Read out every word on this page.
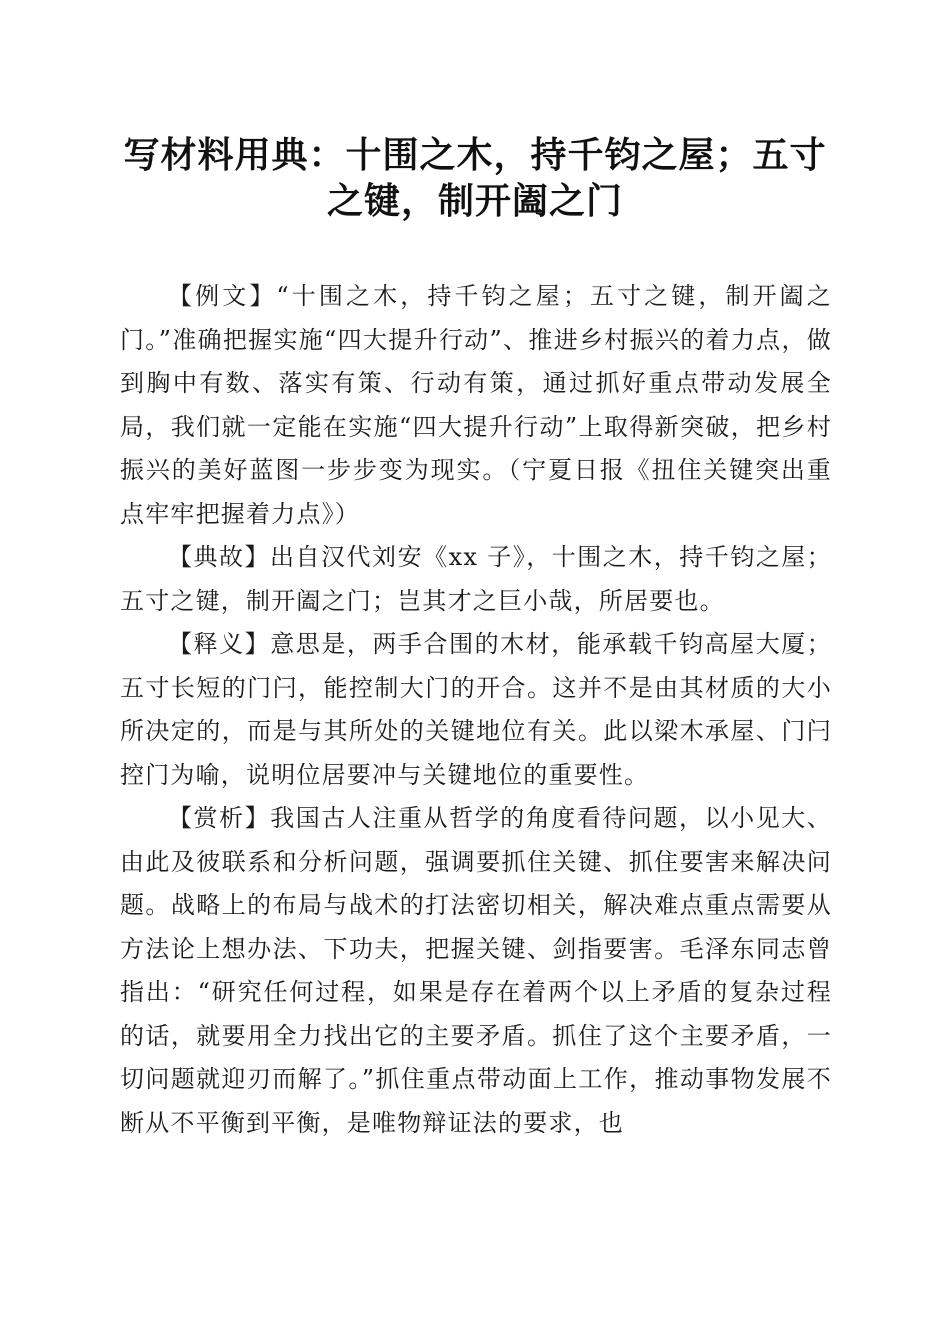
写材料用典：十围之木，持千钧之屋；五寸之键，制开阖之门

【例文】“十围之木，持千钧之屋；五寸之键，制开阖之门。”准确把握实施“四大提升行动”、推进乡村振兴的着力点，做到胸中有数、落实有策、行动有策，通过抓好重点带动发展全局，我们就一定能在实施“四大提升行动”上取得新突破，把乡村振兴的美好蓝图一步步变为现实。（宁夏日报《扭住关键突出重点牢牢把握着力点》）

【典故】出自汉代刘安《xx 子》，十围之木，持千钧之屋；五寸之键，制开阖之门；岂其才之巨小哉，所居要也。

【释义】意思是，两手合围的木材，能承载千钧高屋大厦；五寸长短的门闩，能控制大门的开合。这并不是由其材质的大小所决定的，而是与其所处的关键地位有关。此以梁木承屋、门闩控门为喻，说明位居要冲与关键地位的重要性。

【赏析】我国古人注重从哲学的角度看待问题，以小见大、由此及彼联系和分析问题，强调要抓住关键、抓住要害来解决问题。战略上的布局与战术的打法密切相关，解决难点重点需要从方法论上想办法、下功夫，把握关键、剑指要害。毛泽东同志曾指出：“研究任何过程，如果是存在着两个以上矛盾的复杂过程的话，就要用全力找出它的主要矛盾。抓住了这个主要矛盾，一切问题就迎刃而解了。”抓住重点带动面上工作，推动事物发展不断从不平衡到平衡，是唯物辩证法的要求，也
